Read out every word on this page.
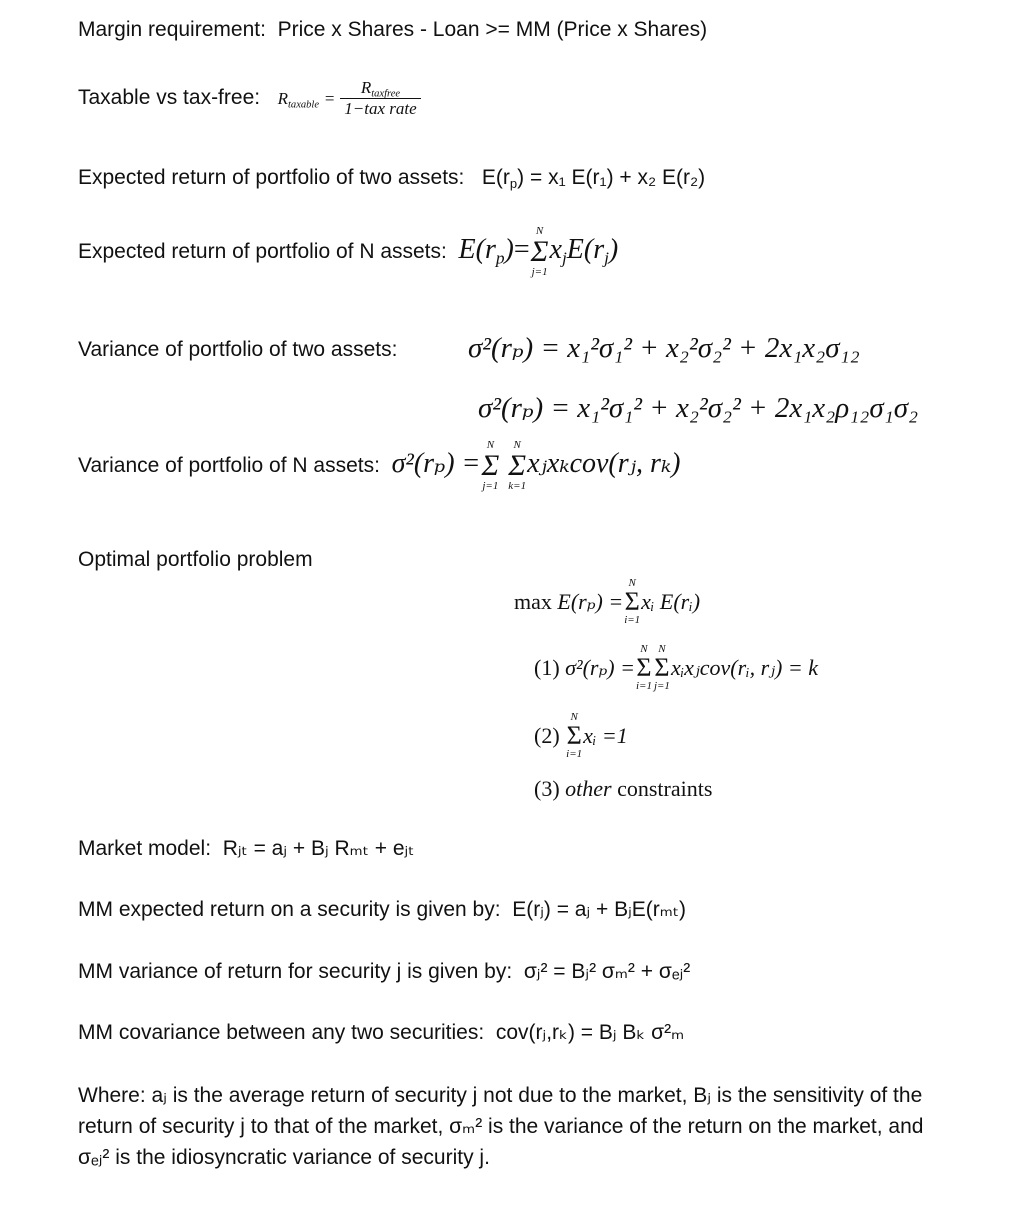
Margin requirement: Price x Shares - Loan >= MM (Price x Shares)
Taxable vs tax-free: $R_{taxable} = \frac{R_{taxfree}}{\text{1−tax rate}}$
Expected return of portfolio of two assets: $E(r_p) = x_1$ E(r₁) + x₂ E(r₂)
Expected return of portfolio of N assets: $E(r_p)=$
N
Σ
j=1
$x_jE(r_j)$
Variance of portfolio of two assets: σ²(rₚ) = x₁²σ₁² + x₂²σ₂² + 2x₁x₂σ₁₂
σ²(rₚ) = x₁²σ₁² + x₂²σ₂² + 2x₁x₂ρ₁₂σ₁σ₂
Variance of portfolio of N assets: σ²(rₚ) =
N
Σ
j=1

N
Σ
k=1
xⱼxₖcov(rⱼ, rₖ)
Optimal portfolio problem
max E(rₚ) =
N
Σ
i=1
xᵢ E(rᵢ)
(1) σ²(rₚ) =
N
Σ
i=1
N
Σ
j=1
xᵢxⱼcov(rᵢ, rⱼ) = k
(2)
N
Σ
i=1
xᵢ =1
(3) other constraints
Market model: Rⱼₜ = aⱼ + Bⱼ Rₘₜ + eⱼₜ
MM expected return on a security is given by: E(rⱼ) = aⱼ + BⱼE(rₘₜ)
MM variance of return for security j is given by: σⱼ² = Bⱼ² σₘ² + σₑⱼ²
MM covariance between any two securities: cov(rⱼ,rₖ) = Bⱼ Bₖ σ²ₘ
Where: aⱼ is the average return of security j not due to the market, Bⱼ is the sensitivity of the return of security j to that of the market, σₘ² is the variance of the return on the market, and σₑⱼ² is the idiosyncratic variance of security j.
